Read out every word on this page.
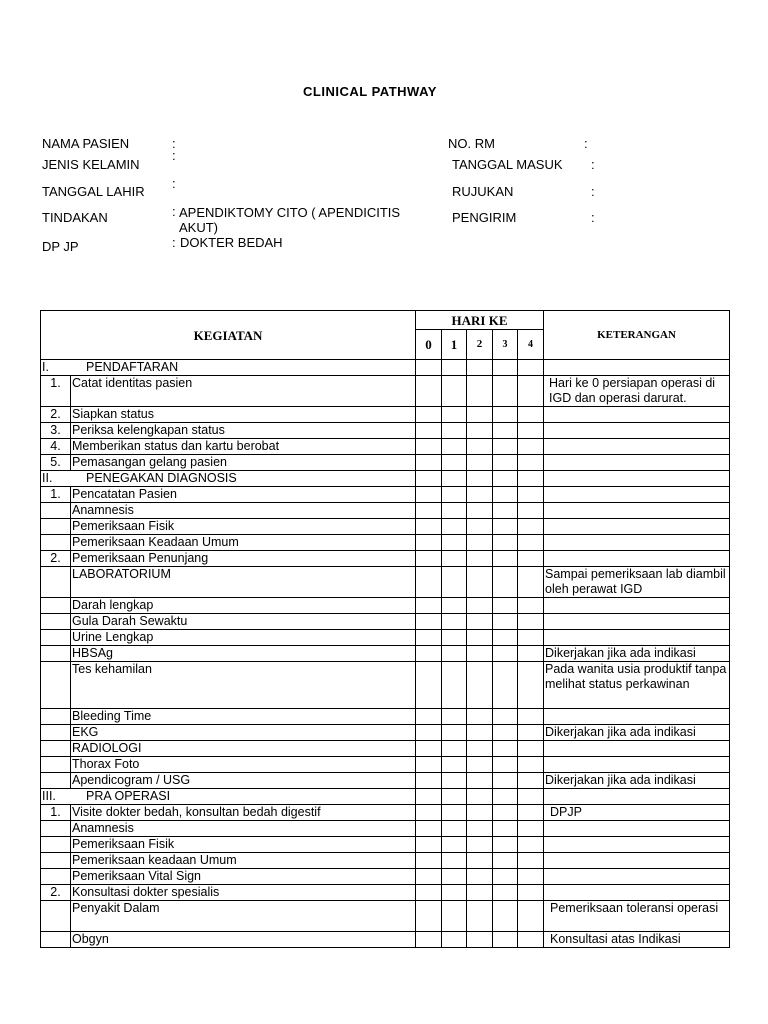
CLINICAL PATHWAY
NAMA PASIEN	:
JENIS KELAMIN
:
TANGGAL LAHIR
:
TINDAKAN	: APENDIKTOMY CITO ( APENDICITIS AKUT)
DP JP	: DOKTER BEDAH
NO. RM	:
TANGGAL MASUK :
RUJUKAN	:
PENGIRIM	:
KEGIATAN		HARI KE					KETERANGAN
		0	1	2	3	4	
I. PENDAFTARAN							
1.	Catat identitas pasien						Hari ke 0 persiapan operasi di IGD dan operasi darurat.
2.	Siapkan status						
3.	Periksa kelengkapan status						
4.	Memberikan status dan kartu berobat						
5.	Pemasangan gelang pasien						
II. PENEGAKAN DIAGNOSIS							
1.	Pencatatan Pasien						
	Anamnesis						
	Pemeriksaan Fisik						
	Pemeriksaan Keadaan Umum						
2.	Pemeriksaan Penunjang						
	LABORATORIUM						Sampai pemeriksaan lab diambil oleh perawat IGD
	Darah lengkap						
	Gula Darah Sewaktu						
	Urine Lengkap						
	HBSAg						Dikerjakan jika ada indikasi
	Tes kehamilan						Pada wanita usia produktif tanpa melihat status perkawinan
	Bleeding Time						
	EKG						Dikerjakan jika ada indikasi
	RADIOLOGI						
	Thorax Foto						
	Apendicogram / USG						Dikerjakan jika ada indikasi
III. PRA OPERASI							
1.	Visite dokter bedah, konsultan bedah digestif						DPJP
	Anamnesis						
	Pemeriksaan Fisik						
	Pemeriksaan keadaan Umum						
	Pemeriksaan Vital Sign						
2.	Konsultasi dokter spesialis						
	Penyakit Dalam						Pemeriksaan toleransi operasi
	Obgyn						Konsultasi atas Indikasi
